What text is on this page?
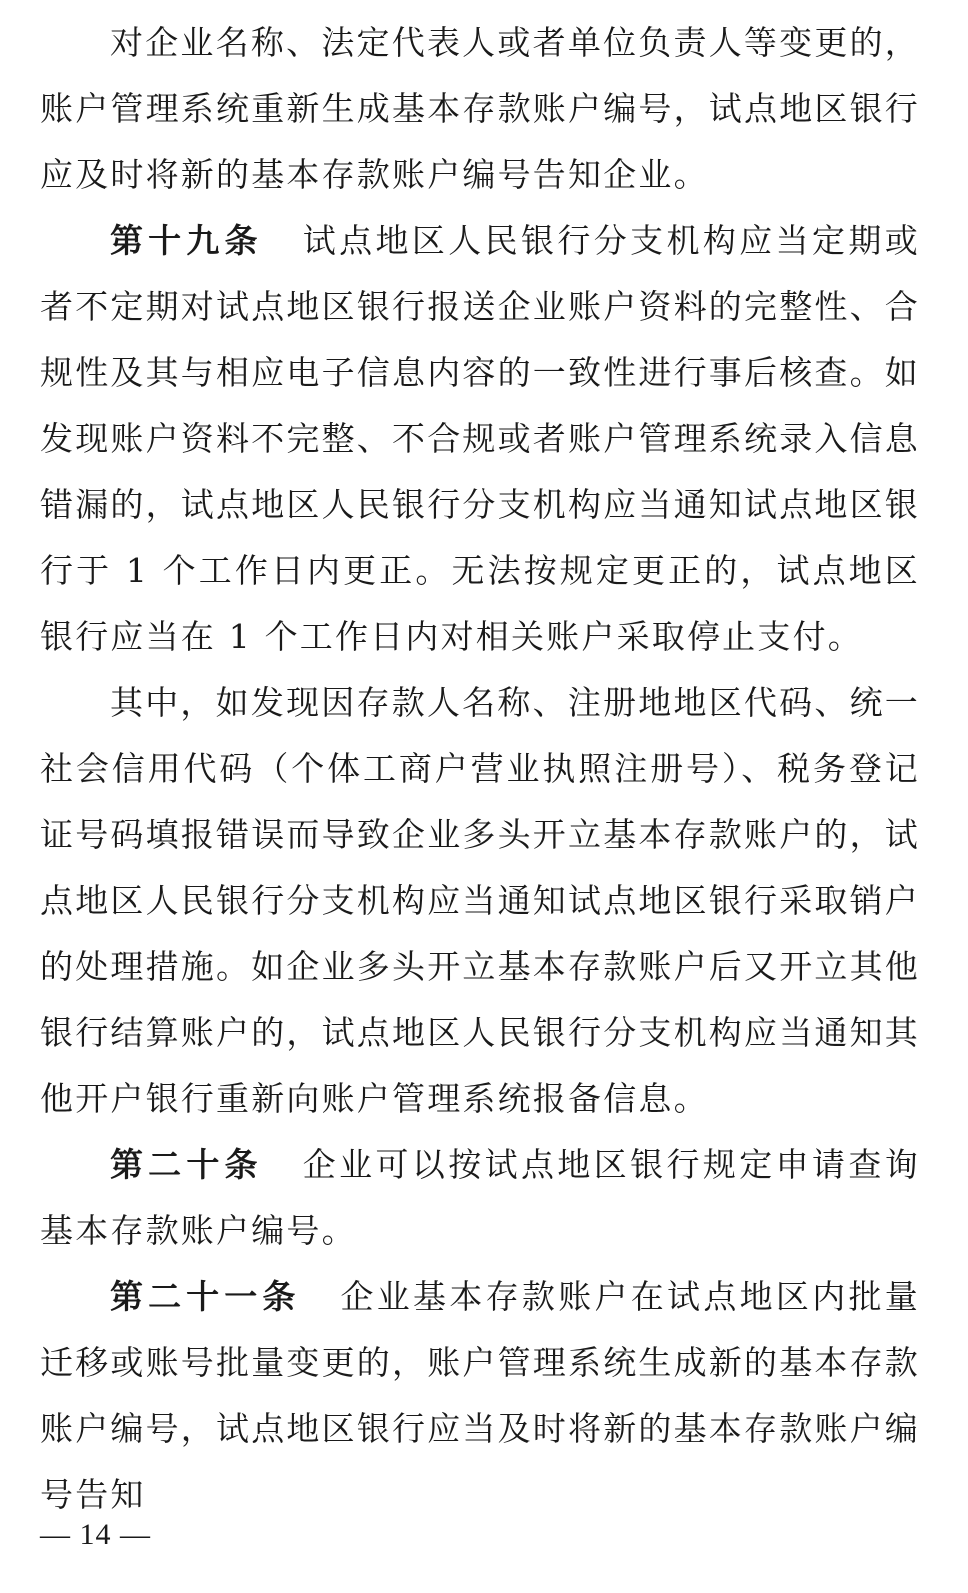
对企业名称、法定代表人或者单位负责人等变更的，账户管理系统重新生成基本存款账户编号，试点地区银行应及时将新的基本存款账户编号告知企业。

第十九条 试点地区人民银行分支机构应当定期或者不定期对试点地区银行报送企业账户资料的完整性、合规性及其与相应电子信息内容的一致性进行事后核查。如发现账户资料不完整、不合规或者账户管理系统录入信息错漏的，试点地区人民银行分支机构应当通知试点地区银行于 1 个工作日内更正。无法按规定更正的，试点地区银行应当在 1 个工作日内对相关账户采取停止支付。

其中，如发现因存款人名称、注册地地区代码、统一社会信用代码（个体工商户营业执照注册号）、税务登记证号码填报错误而导致企业多头开立基本存款账户的，试点地区人民银行分支机构应当通知试点地区银行采取销户的处理措施。如企业多头开立基本存款账户后又开立其他银行结算账户的，试点地区人民银行分支机构应当通知其他开户银行重新向账户管理系统报备信息。

第二十条 企业可以按试点地区银行规定申请查询基本存款账户编号。

第二十一条 企业基本存款账户在试点地区内批量迁移或账号批量变更的，账户管理系统生成新的基本存款账户编号，试点地区银行应当及时将新的基本存款账户编号告知

— 14 —
